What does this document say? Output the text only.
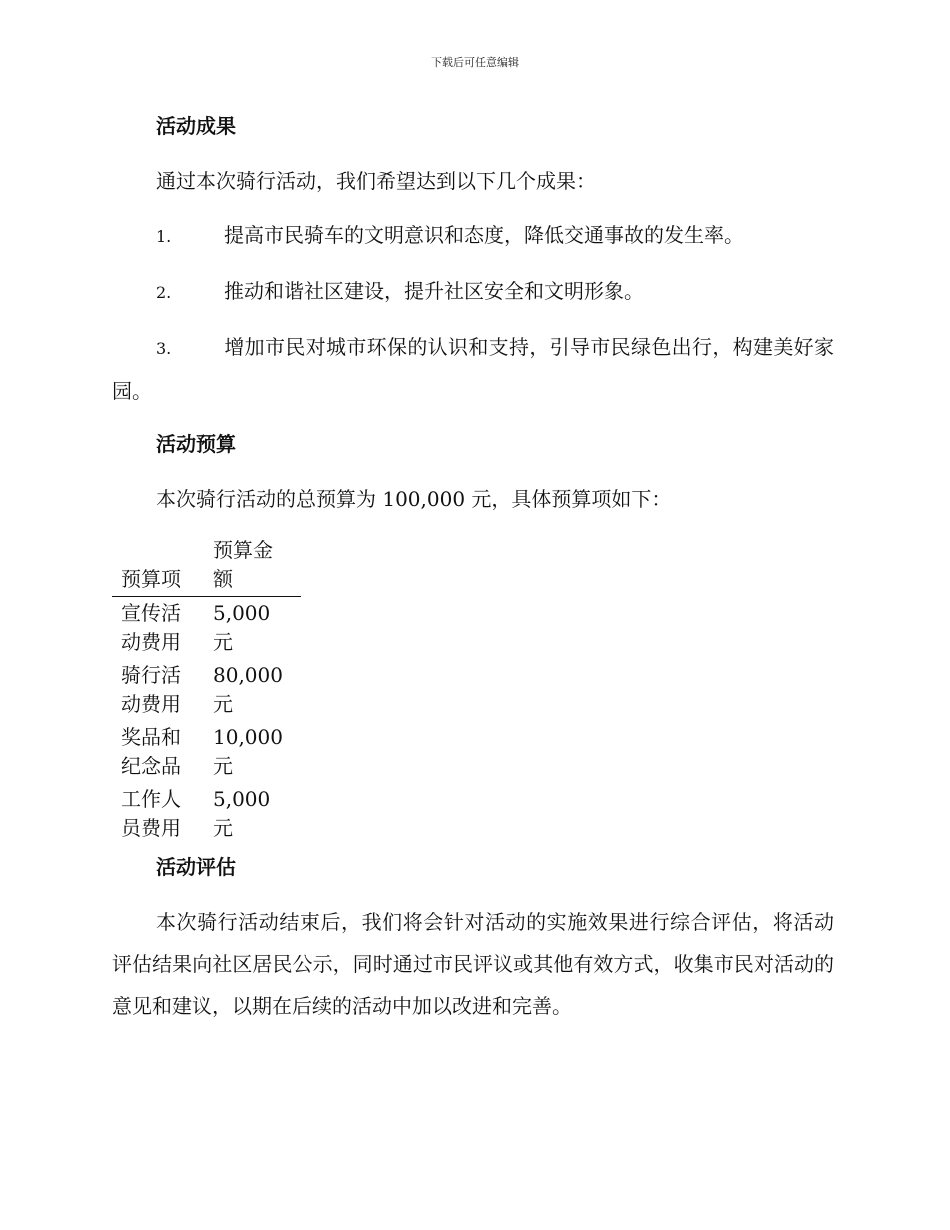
下载后可任意编辑
活动成果

通过本次骑行活动，我们希望达到以下几个成果：

1.	提高市民骑车的文明意识和态度，降低交通事故的发生率。

2.	推动和谐社区建设，提升社区安全和文明形象。

3.	增加市民对城市环保的认识和支持，引导市民绿色出行，构建美好家园。

活动预算

本次骑行活动的总预算为 100,000 元，具体预算项如下：

预算项	预算金额
宣传活动费用	5,000 元
骑行活动费用	80,000 元
奖品和纪念品	10,000 元
工作人员费用	5,000 元
活动评估

本次骑行活动结束后，我们将会针对活动的实施效果进行综合评估，将活动评估结果向社区居民公示，同时通过市民评议或其他有效方式，收集市民对活动的意见和建议，以期在后续的活动中加以改进和完善。
